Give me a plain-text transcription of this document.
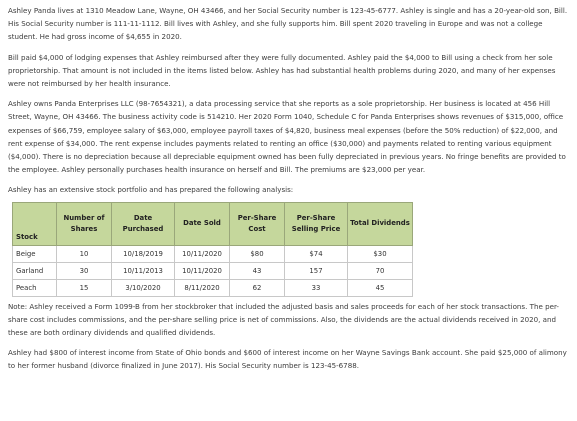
Ashley Panda lives at 1310 Meadow Lane, Wayne, OH 43466, and her Social Security number is 123-45-6777. Ashley is single and has a 20-year-old son, Bill. His Social Security number is 111-11-1112. Bill lives with Ashley, and she fully supports him. Bill spent 2020 traveling in Europe and was not a college student. He had gross income of $4,655 in 2020.

Bill paid $4,000 of lodging expenses that Ashley reimbursed after they were fully documented. Ashley paid the $4,000 to Bill using a check from her sole proprietorship. That amount is not included in the items listed below. Ashley has had substantial health problems during 2020, and many of her expenses were not reimbursed by her health insurance.

Ashley owns Panda Enterprises LLC (98-7654321), a data processing service that she reports as a sole proprietorship. Her business is located at 456 Hill Street, Wayne, OH 43466. The business activity code is 514210. Her 2020 Form 1040, Schedule C for Panda Enterprises shows revenues of $315,000, office expenses of $66,759, employee salary of $63,000, employee payroll taxes of $4,820, business meal expenses (before the 50% reduction) of $22,000, and rent expense of $34,000. The rent expense includes payments related to renting an office ($30,000) and payments related to renting various equipment ($4,000). There is no depreciation because all depreciable equipment owned has been fully depreciated in previous years. No fringe benefits are provided to the employee. Ashley personally purchases health insurance on herself and Bill. The premiums are $23,000 per year.

Ashley has an extensive stock portfolio and has prepared the following analysis:

Stock	Number of Shares	Date Purchased	Date Sold	Per-Share Cost	Per-Share Selling Price	Total Dividends
Beige	10	10/18/2019	10/11/2020	$80	$74	$30
Garland	30	10/11/2013	10/11/2020	43	157	70
Peach	15	3/10/2020	8/11/2020	62	33	45

Note: Ashley received a Form 1099-B from her stockbroker that included the adjusted basis and sales proceeds for each of her stock transactions. The per-share cost includes commissions, and the per-share selling price is net of commissions. Also, the dividends are the actual dividends received in 2020, and these are both ordinary dividends and qualified dividends.

Ashley had $800 of interest income from State of Ohio bonds and $600 of interest income on her Wayne Savings Bank account. She paid $25,000 of alimony to her former husband (divorce finalized in June 2017). His Social Security number is 123-45-6788.
